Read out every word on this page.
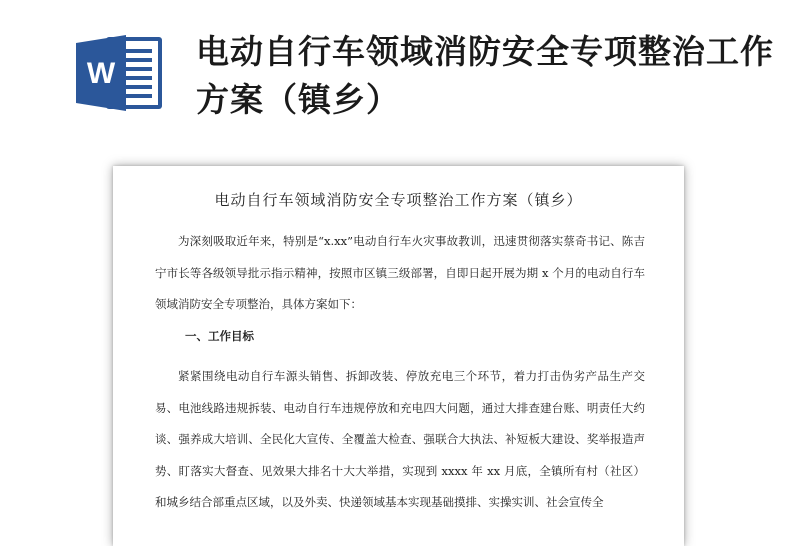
W
电动自行车领域消防安全专项整治工作方案（镇乡）
电动自行车领域消防安全专项整治工作方案（镇乡）

为深刻吸取近年来，特别是“x.xx”电动自行车火灾事故教训，迅速贯彻落实蔡奇书记、陈吉宁市长等各级领导批示指示精神，按照市区镇三级部署，自即日起开展为期 x 个月的电动自行车领域消防安全专项整治，具体方案如下：

一、工作目标

紧紧围绕电动自行车源头销售、拆卸改装、停放充电三个环节，着力打击伪劣产品生产交易、电池线路违规拆装、电动自行车违规停放和充电四大问题，通过大排查建台账、明责任大约谈、强养成大培训、全民化大宣传、全覆盖大检查、强联合大执法、补短板大建设、奖举报造声势、盯落实大督查、见效果大排名十大大举措，实现到 xxxx 年 xx 月底，全镇所有村（社区）和城乡结合部重点区域，以及外卖、快递领域基本实现基础摸排、实操实训、社会宣传全
